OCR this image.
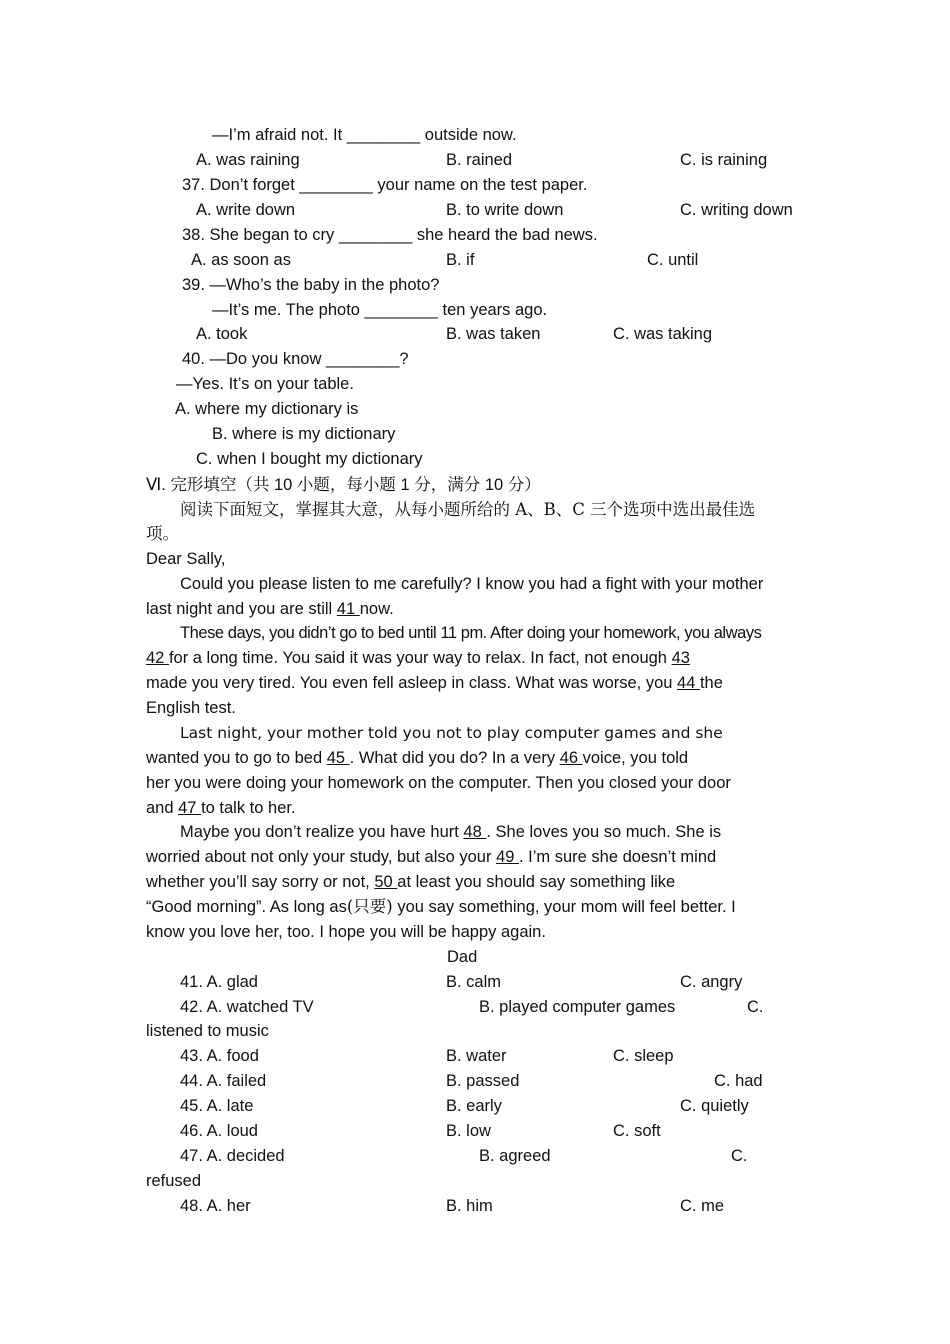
—I’m afraid not. It ________ outside now.
A. was raining	B. rained	C. is raining
37. Don’t forget ________ your name on the test paper.
A. write down	B. to write down	C. writing down
38. She began to cry ________ she heard the bad news.
A. as soon as	B. if	C. until
39. —Who’s the baby in the photo?
—It’s me. The photo ________ ten years ago.
A. took	B. was taken	C. was taking
40. —Do you know ________?
—Yes. It’s on your table.
A. where my dictionary is
B. where is my dictionary
C. when I bought my dictionary
Ⅵ. 完形填空（共 10 小题，每小题 1 分，满分 10 分）
阅读下面短文，掌握其大意，从每小题所给的 A、B、C 三个选项中选出最佳选
项。
Dear Sally,
Could you please listen to me carefully? I know you had a fight with your mother
last night and you are still 41 now.
These days, you didn’t go to bed until 11 pm. After doing your homework, you always
42 for a long time. You said it was your way to relax. In fact, not enough 43
made you very tired. You even fell asleep in class. What was worse, you 44 the
English test.
Last night, your mother told you not to play computer games and she
wanted you to go to bed 45 . What did you do? In a very 46 voice, you told
her you were doing your homework on the computer. Then you closed your door
and 47 to talk to her.
Maybe you don’t realize you have hurt 48 . She loves you so much. She is
worried about not only your study, but also your 49 . I’m sure she doesn’t mind
whether you’ll say sorry or not, 50 at least you should say something like
“Good morning”. As long as(只要) you say something, your mom will feel better. I
know you love her, too. I hope you will be happy again.
Dad
41. A. glad	B. calm	C. angry
42. A. watched TV	B. played computer games	C.
listened to music
43. A. food	B. water	C. sleep
44. A. failed	B. passed	C. had
45. A. late	B. early	C. quietly
46. A. loud	B. low	C. soft
47. A. decided	B. agreed	C.
refused
48. A. her	B. him	C. me
